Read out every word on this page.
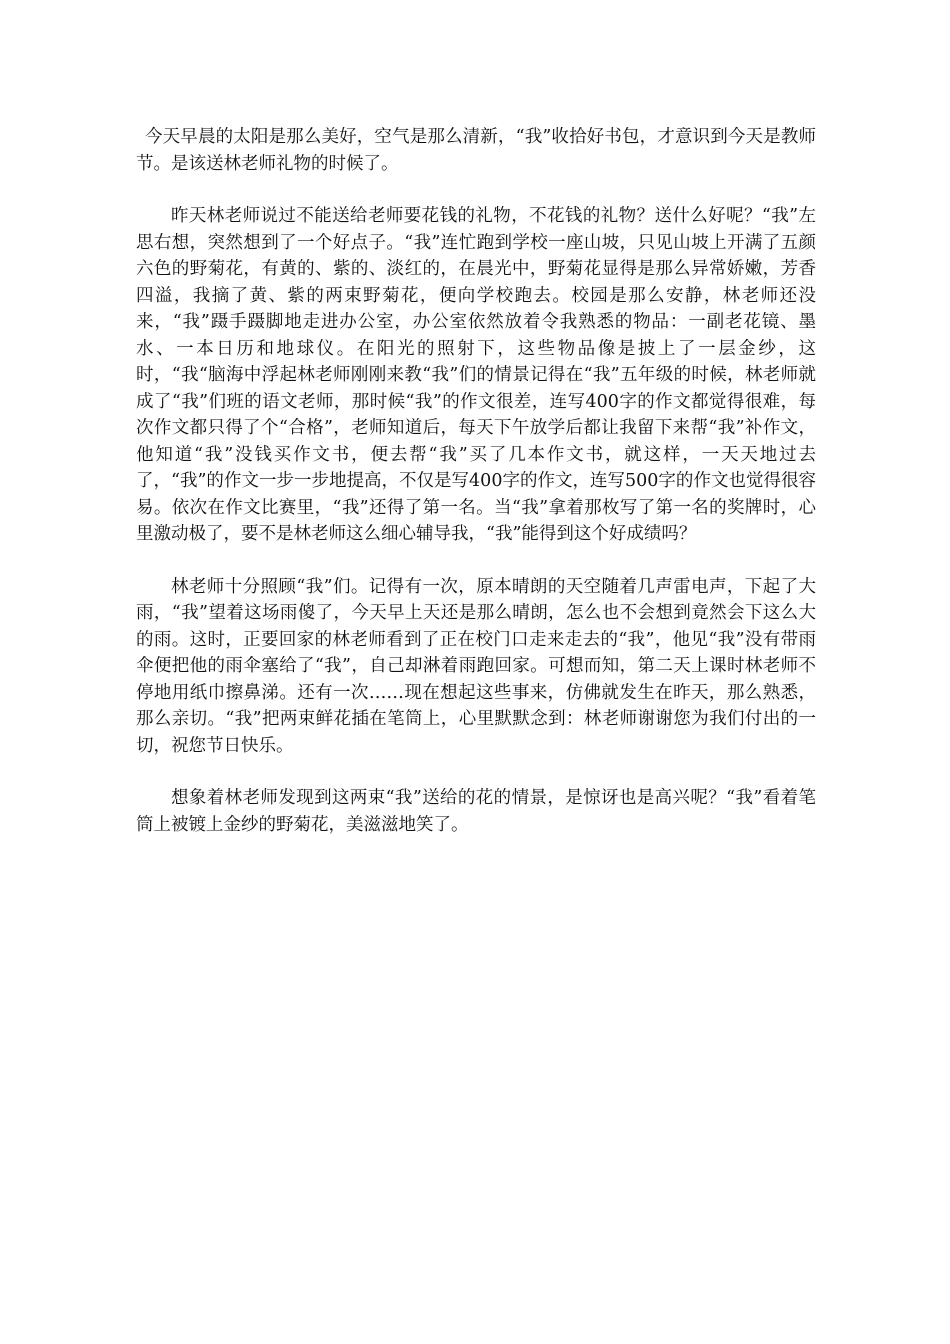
今天早晨的太阳是那么美好，空气是那么清新，“我”收拾好书包，才意识到今天是教师节。是该送林老师礼物的时候了。

昨天林老师说过不能送给老师要花钱的礼物，不花钱的礼物？送什么好呢？“我”左思右想，突然想到了一个好点子。“我”连忙跑到学校一座山坡，只见山坡上开满了五颜六色的野菊花，有黄的、紫的、淡红的，在晨光中，野菊花显得是那么异常娇嫩，芳香四溢，我摘了黄、紫的两束野菊花，便向学校跑去。校园是那么安静，林老师还没来，“我”蹑手蹑脚地走进办公室，办公室依然放着令我熟悉的物品：一副老花镜、墨水、一本日历和地球仪。在阳光的照射下，这些物品像是披上了一层金纱，这时，“我“脑海中浮起林老师刚刚来教“我”们的情景记得在“我”五年级的时候，林老师就成了“我”们班的语文老师，那时候“我”的作文很差，连写400字的作文都觉得很难，每次作文都只得了个“合格”，老师知道后，每天下午放学后都让我留下来帮“我”补作文，他知道“我”没钱买作文书，便去帮“我”买了几本作文书，就这样，一天天地过去了，“我”的作文一步一步地提高，不仅是写400字的作文，连写500字的作文也觉得很容易。依次在作文比赛里，“我”还得了第一名。当“我”拿着那枚写了第一名的奖牌时，心里激动极了，要不是林老师这么细心辅导我，“我”能得到这个好成绩吗？

林老师十分照顾“我”们。记得有一次，原本晴朗的天空随着几声雷电声，下起了大雨，“我”望着这场雨傻了，今天早上天还是那么晴朗，怎么也不会想到竟然会下这么大的雨。这时，正要回家的林老师看到了正在校门口走来走去的“我”，他见“我”没有带雨伞便把他的雨伞塞给了“我”，自己却淋着雨跑回家。可想而知，第二天上课时林老师不停地用纸巾擦鼻涕。还有一次……现在想起这些事来，仿佛就发生在昨天，那么熟悉，那么亲切。“我”把两束鲜花插在笔筒上，心里默默念到：林老师谢谢您为我们付出的一切，祝您节日快乐。

想象着林老师发现到这两束“我”送给的花的情景，是惊讶也是高兴呢？“我”看着笔筒上被镀上金纱的野菊花，美滋滋地笑了。
